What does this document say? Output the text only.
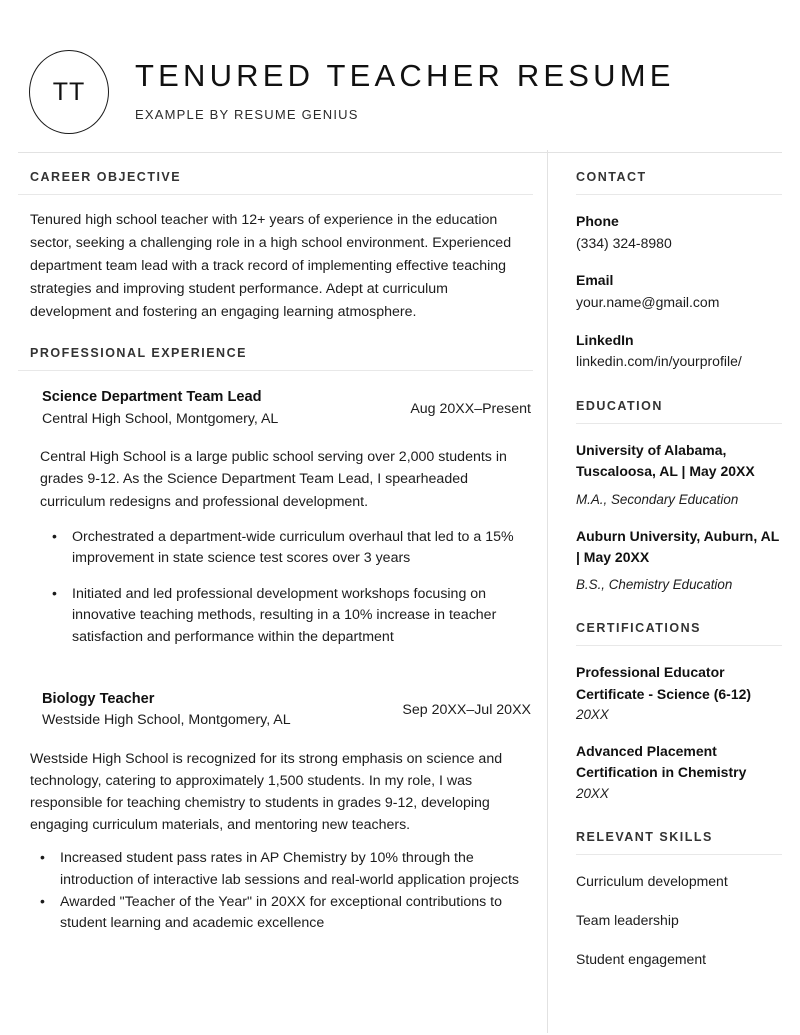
TT TENURED TEACHER RESUME
EXAMPLE BY RESUME GENIUS
CAREER OBJECTIVE
Tenured high school teacher with 12+ years of experience in the education sector, seeking a challenging role in a high school environment. Experienced department team lead with a track record of implementing effective teaching strategies and improving student performance. Adept at curriculum development and fostering an engaging learning atmosphere.
PROFESSIONAL EXPERIENCE
Science Department Team Lead
Central High School, Montgomery, AL
Aug 20XX–Present
Central High School is a large public school serving over 2,000 students in grades 9-12. As the Science Department Team Lead, I spearheaded curriculum redesigns and professional development.
• Orchestrated a department-wide curriculum overhaul that led to a 15% improvement in state science test scores over 3 years
• Initiated and led professional development workshops focusing on innovative teaching methods, resulting in a 10% increase in teacher satisfaction and performance within the department
Biology Teacher
Westside High School, Montgomery, AL
Sep 20XX–Jul 20XX
Westside High School is recognized for its strong emphasis on science and technology, catering to approximately 1,500 students. In my role, I was responsible for teaching chemistry to students in grades 9-12, developing engaging curriculum materials, and mentoring new teachers.
• Increased student pass rates in AP Chemistry by 10% through the introduction of interactive lab sessions and real-world application projects
• Awarded "Teacher of the Year" in 20XX for exceptional contributions to student learning and academic excellence
CONTACT
Phone
(334) 324-8980
Email
your.name@gmail.com
LinkedIn
linkedin.com/in/yourprofile/
EDUCATION
University of Alabama, Tuscaloosa, AL | May 20XX
M.A., Secondary Education
Auburn University, Auburn, AL | May 20XX
B.S., Chemistry Education
CERTIFICATIONS
Professional Educator Certificate - Science (6-12)
20XX
Advanced Placement Certification in Chemistry
20XX
RELEVANT SKILLS
Curriculum development
Team leadership
Student engagement
